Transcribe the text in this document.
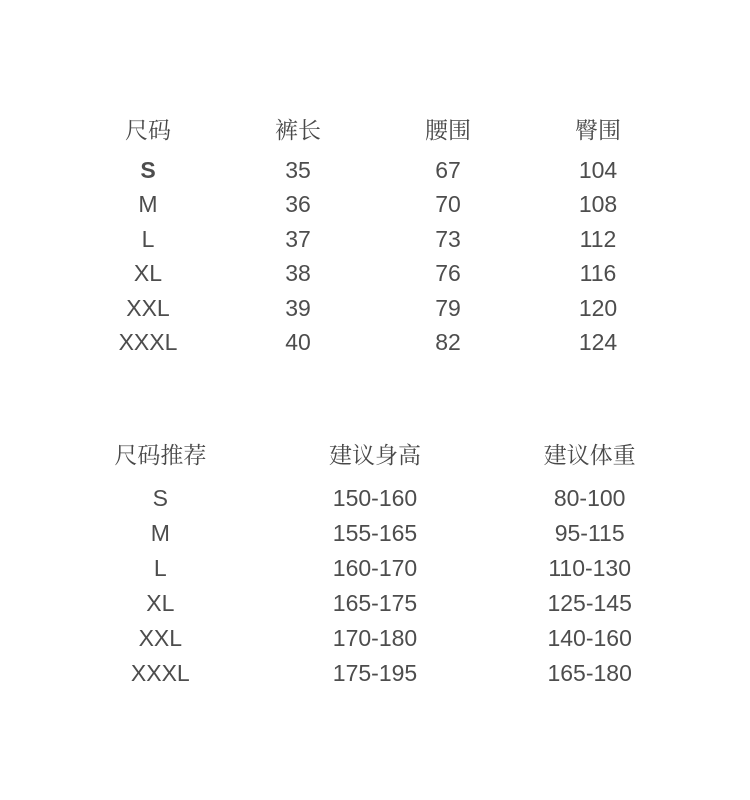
尺码	裤长	腰围	臀围
S	35	67	104
M	36	70	108
L	37	73	112
XL	38	76	116
XXL	39	79	120
XXXL	40	82	124
尺码推荐	建议身高	建议体重
S	150-160	80-100
M	155-165	95-115
L	160-170	110-130
XL	165-175	125-145
XXL	170-180	140-160
XXXL	175-195	165-180
